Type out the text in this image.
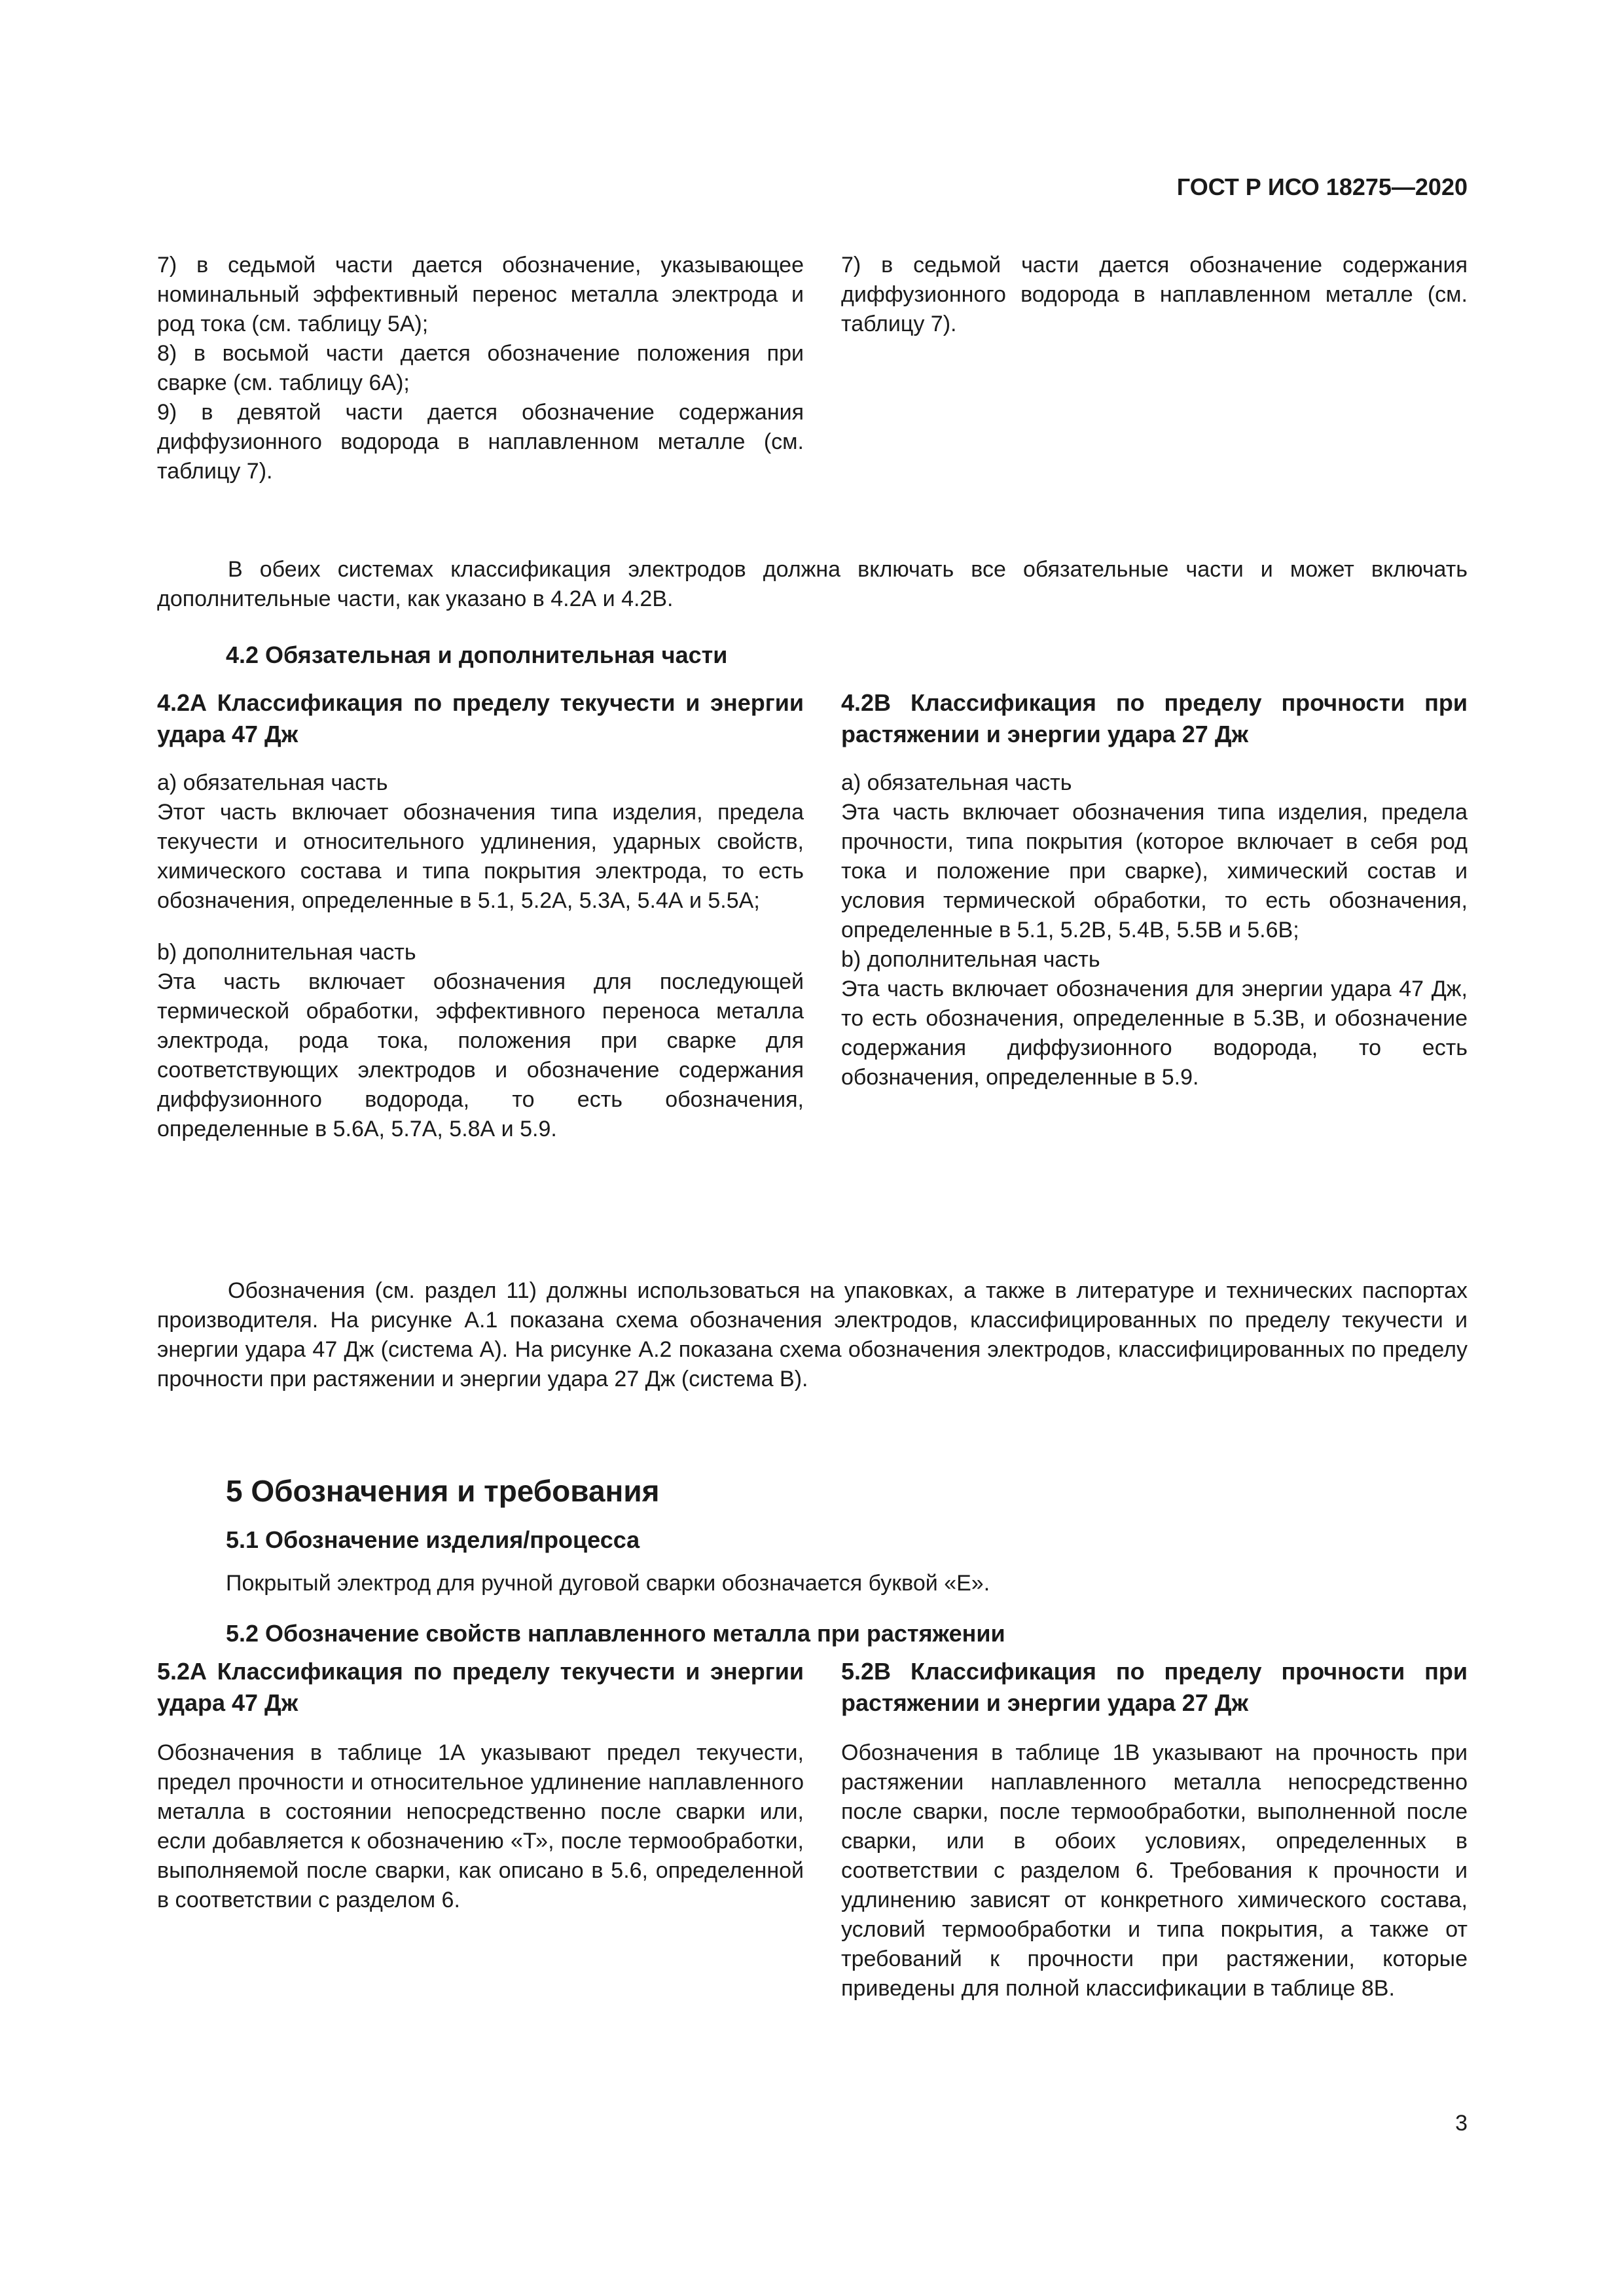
ГОСТ Р ИСО 18275—2020

7) в седьмой части дается обозначение, указывающее номинальный эффективный перенос металла электрода и род тока (см. таблицу 5А);

8) в восьмой части дается обозначение положения при сварке (см. таблицу 6А);

9) в девятой части дается обозначение содержания диффузионного водорода в наплавленном металле (см. таблицу 7).

7) в седьмой части дается обозначение содержания диффузионного водорода в наплавленном металле (см. таблицу 7).

В обеих системах классификация электродов должна включать все обязательные части и может включать дополнительные части, как указано в 4.2А и 4.2В.
4.2 Обязательная и дополнительная части
4.2А Классификация по пределу текучести и энергии удара 47 Дж
а) обязательная часть
Этот часть включает обозначения типа изделия, предела текучести и относительного удлинения, ударных свойств, химического состава и типа покрытия электрода, то есть обозначения, определенные в 5.1, 5.2А, 5.3А, 5.4А и 5.5А;
b) дополнительная часть
Эта часть включает обозначения для последующей термической обработки, эффективного переноса металла электрода, рода тока, положения при сварке для соответствующих электродов и обозначение содержания диффузионного водорода, то есть обозначения, определенные в 5.6А, 5.7А, 5.8А и 5.9.
4.2В Классификация по пределу прочности при растяжении и энергии удара 27 Дж
а) обязательная часть
Эта часть включает обозначения типа изделия, предела прочности, типа покрытия (которое включает в себя род тока и положение при сварке), химический состав и условия термической обработки, то есть обозначения, определенные в 5.1, 5.2В, 5.4В, 5.5В и 5.6В;
b) дополнительная часть
Эта часть включает обозначения для энергии удара 47 Дж, то есть обозначения, определенные в 5.3В, и обозначение содержания диффузионного водорода, то есть обозначения, определенные в 5.9.
Обозначения (см. раздел 11) должны использоваться на упаковках, а также в литературе и технических паспортах производителя. На рисунке А.1 показана схема обозначения электродов, классифицированных по пределу текучести и энергии удара 47 Дж (система А). На рисунке А.2 показана схема обозначения электродов, классифицированных по пределу прочности при растяжении и энергии удара 27 Дж (система В).
5 Обозначения и требования
5.1 Обозначение изделия/процесса
Покрытый электрод для ручной дуговой сварки обозначается буквой «Е».
5.2 Обозначение свойств наплавленного металла при растяжении
5.2А Классификация по пределу текучести и энергии удара 47 Дж
Обозначения в таблице 1А указывают предел текучести, предел прочности и относительное удлинение наплавленного металла в состоянии непосредственно после сварки или, если добавляется к обозначению «Т», после термообработки, выполняемой после сварки, как описано в 5.6, определенной в соответствии с разделом 6.
5.2В Классификация по пределу прочности при растяжении и энергии удара 27 Дж
Обозначения в таблице 1В указывают на прочность при растяжении наплавленного металла непосредственно после сварки, после термообработки, выполненной после сварки, или в обоих условиях, определенных в соответствии с разделом 6. Требования к прочности и удлинению зависят от конкретного химического состава, условий термообработки и типа покрытия, а также от требований к прочности при растяжении, которые приведены для полной классификации в таблице 8В.
3
